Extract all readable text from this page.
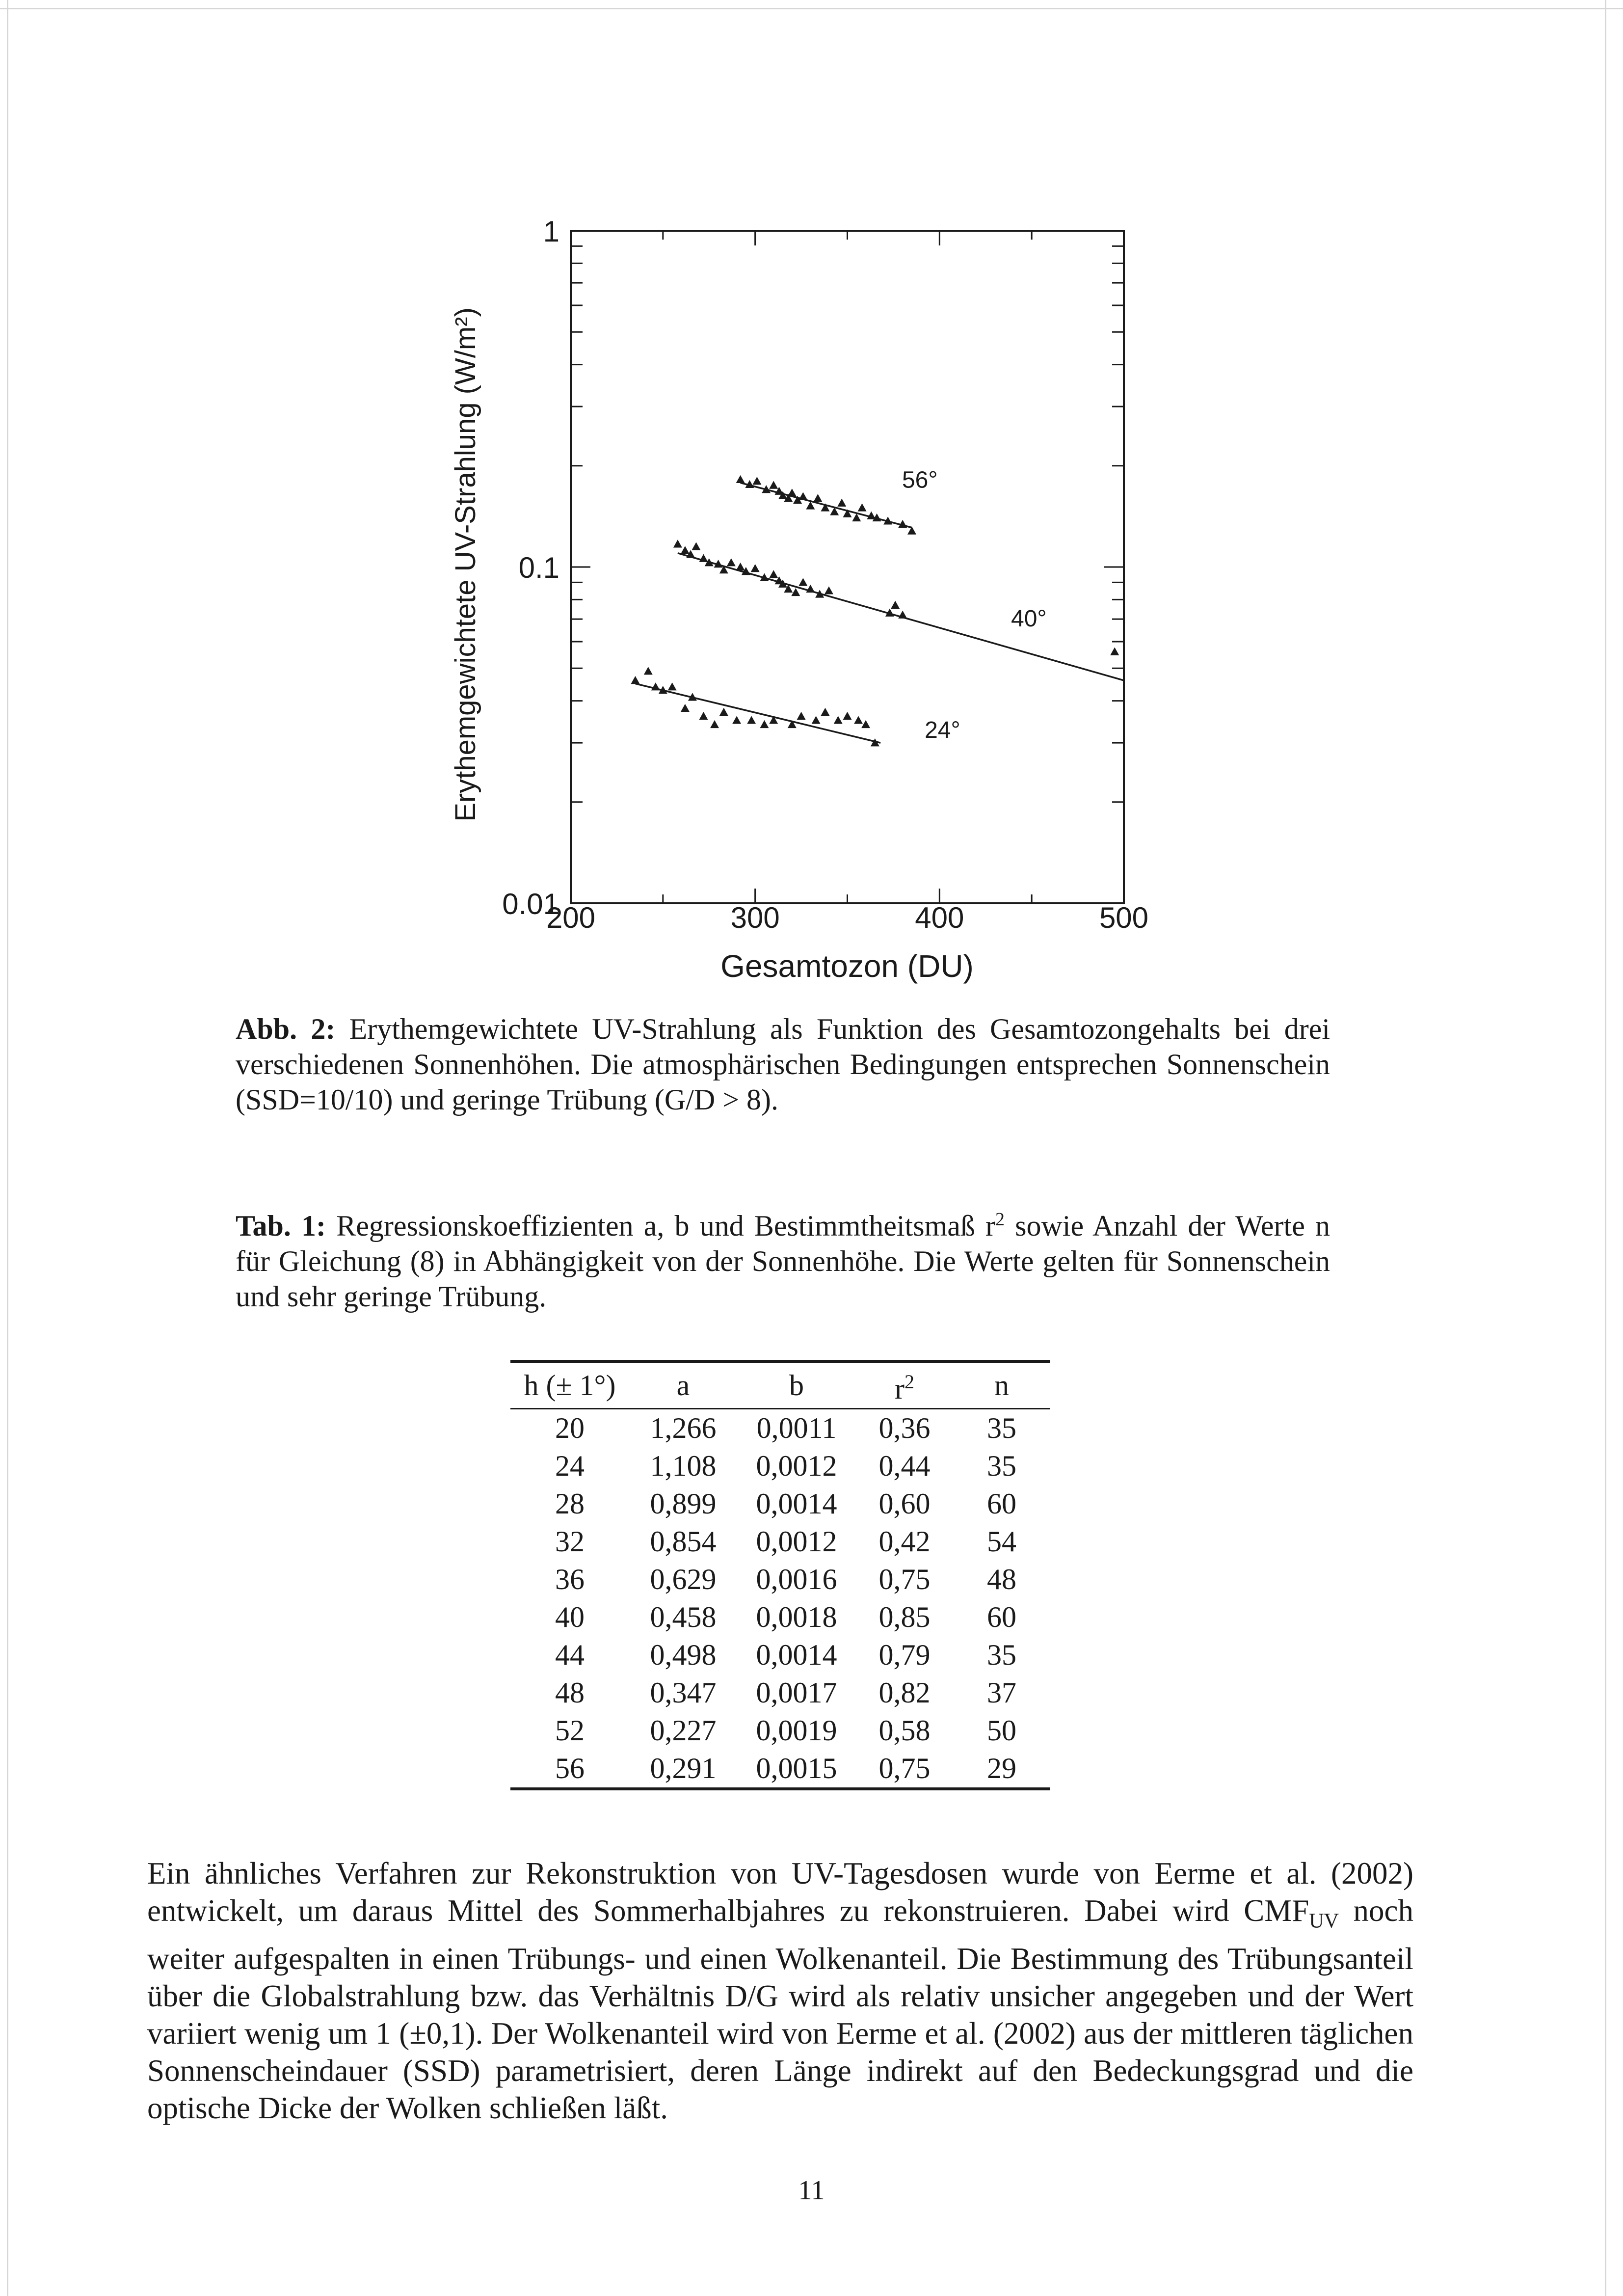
200	300	400	500
0.01
0.1
1
56°
40°
24°
Gesamtozon (DU)
Erythemgewichtete UV-Strahlung (W/m²)
Abb. 2: Erythemgewichtete UV-Strahlung als Funktion des Gesamtozongehalts bei drei verschiedenen Sonnenhöhen. Die atmosphärischen Bedingungen entsprechen Sonnenschein (SSD=10/10) und geringe Trübung (G/D > 8).
Tab. 1: Regressionskoeffizienten a, b und Bestimmtheitsmaß $r^2$ sowie Anzahl der Werte n für Gleichung (8) in Abhängigkeit von der Sonnenhöhe. Die Werte gelten für Sonnenschein und sehr geringe Trübung.
h (± 1°)	a	b	$r^2$	n
20	1,266	0,0011	0,36	35
24	1,108	0,0012	0,44	35
28	0,899	0,0014	0,60	60
32	0,854	0,0012	0,42	54
36	0,629	0,0016	0,75	48
40	0,458	0,0018	0,85	60
44	0,498	0,0014	0,79	35
48	0,347	0,0017	0,82	37
52	0,227	0,0019	0,58	50
56	0,291	0,0015	0,75	29
Ein ähnliches Verfahren zur Rekonstruktion von UV-Tagesdosen wurde von Eerme et al. (2002) entwickelt, um daraus Mittel des Sommerhalbjahres zu rekonstruieren. Dabei wird $CMF_{UV}$ noch weiter aufgespalten in einen Trübungs- und einen Wolkenanteil. Die Bestimmung des Trübungsanteil über die Globalstrahlung bzw. das Verhältnis D/G wird als relativ unsicher angegeben und der Wert variiert wenig um 1 (±0,1). Der Wolkenanteil wird von Eerme et al. (2002) aus der mittleren täglichen Sonnenscheindauer (SSD) parametrisiert, deren Länge indirekt auf den Bedeckungsgrad und die optische Dicke der Wolken schließen läßt.
11
